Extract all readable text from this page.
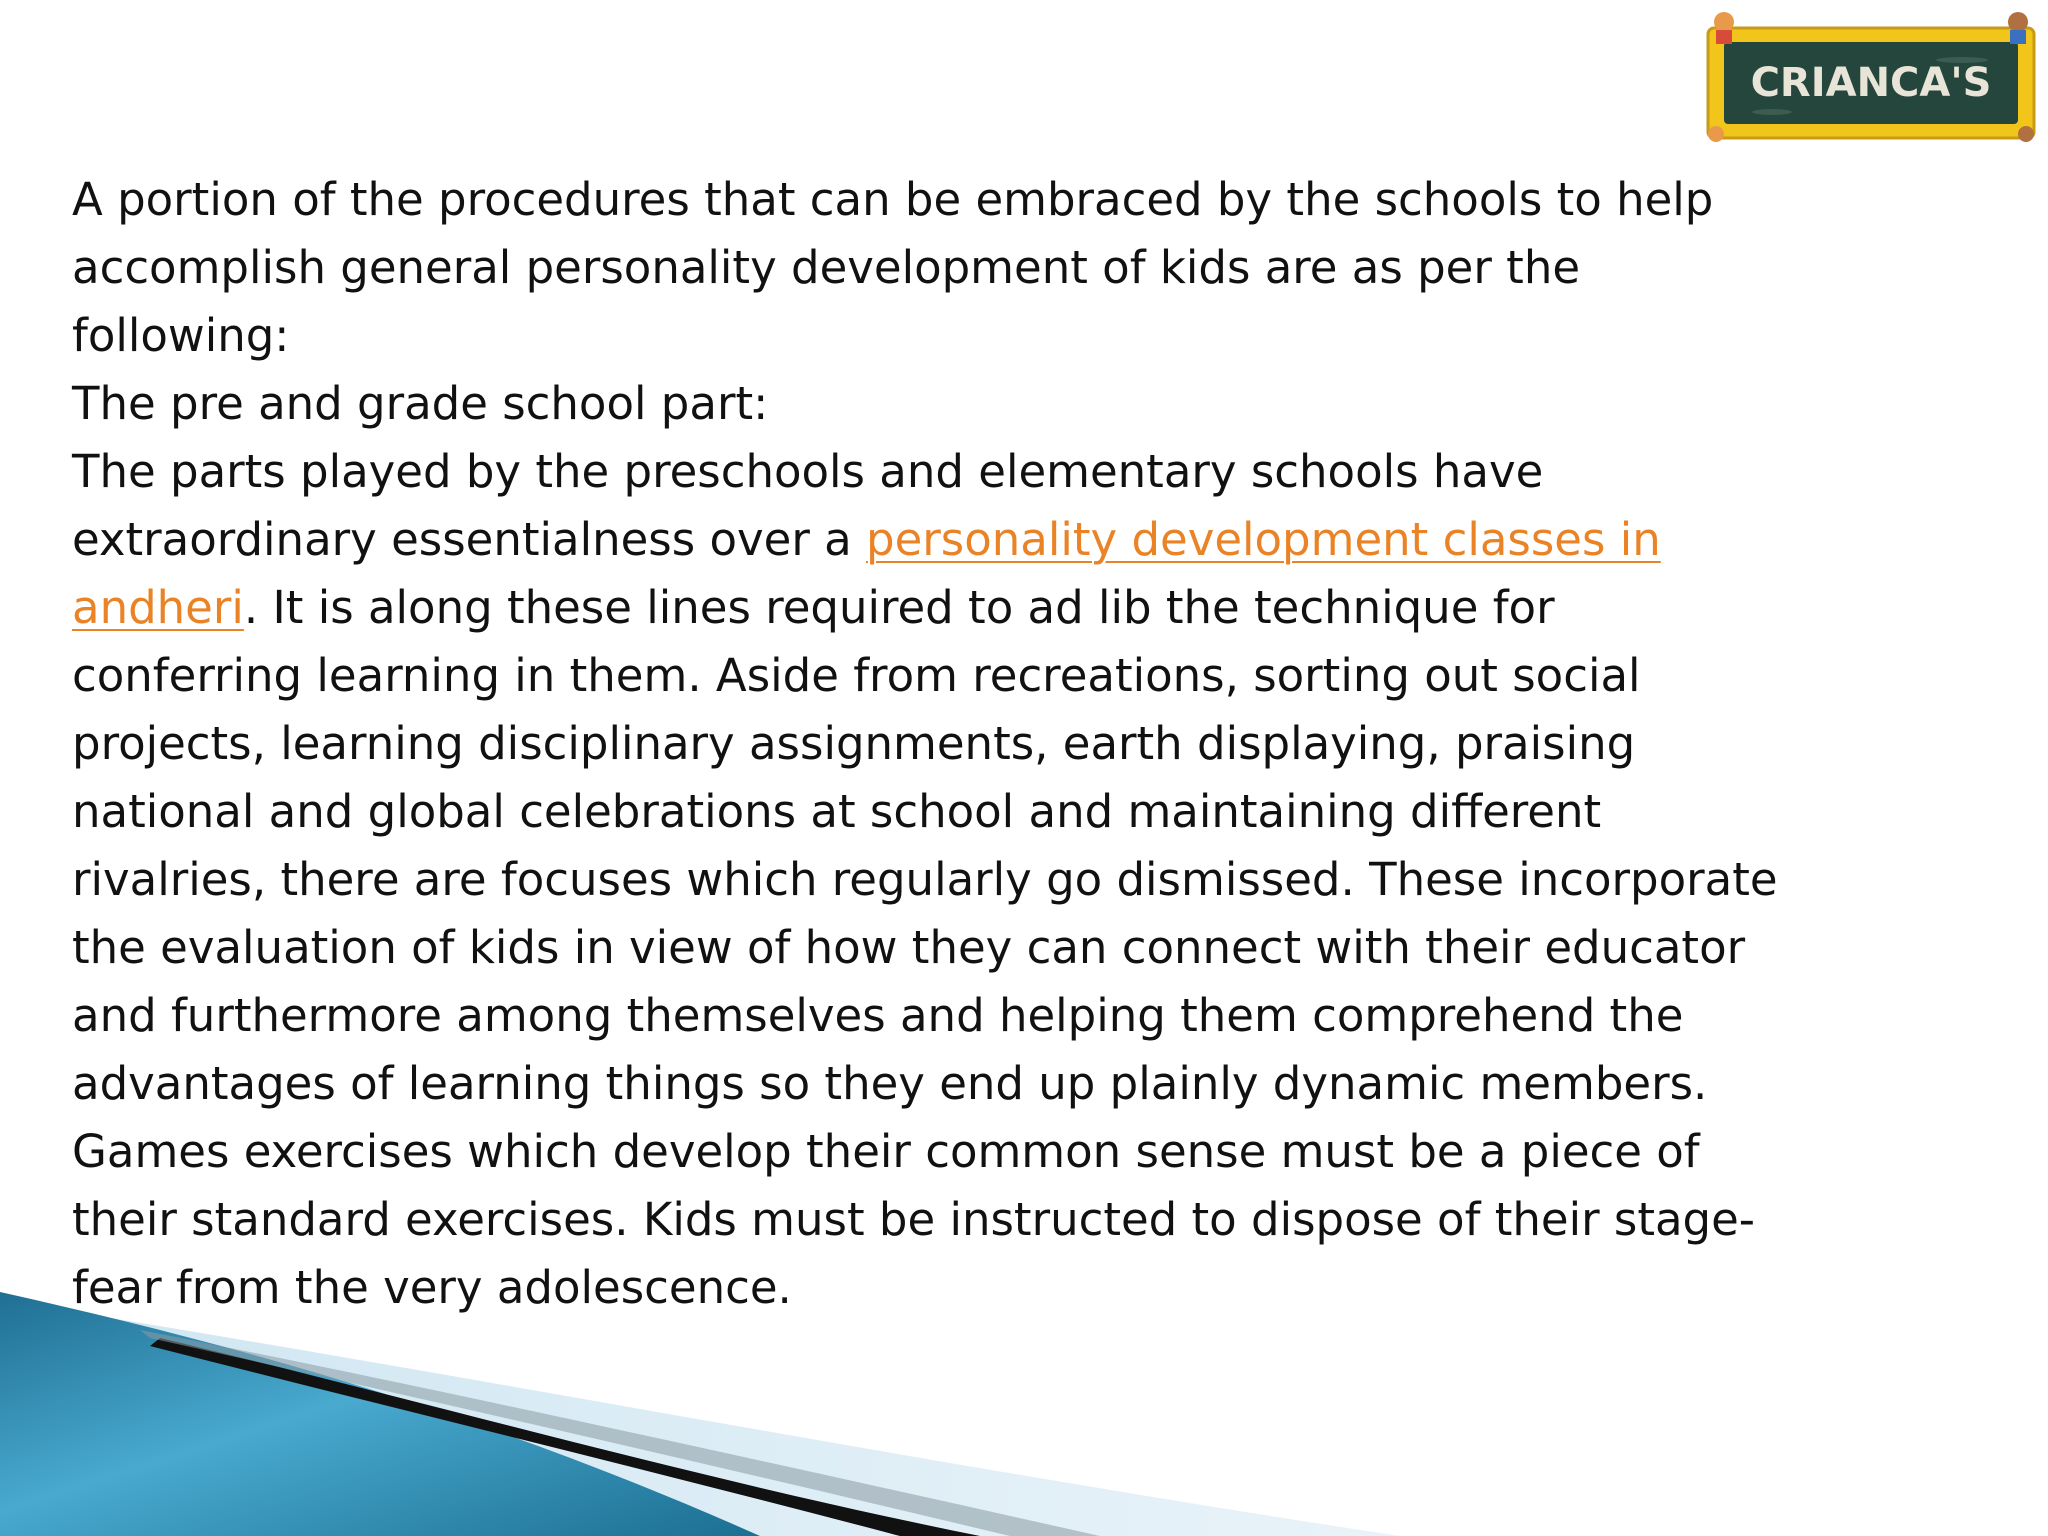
CRIANCA'S

A portion of the procedures that can be embraced by the schools to help accomplish general personality development of kids are as per the following:

The pre and grade school part:

The parts played by the preschools and elementary schools have extraordinary essentialness over a personality development classes in andheri. It is along these lines required to ad lib the technique for conferring learning in them. Aside from recreations, sorting out social projects, learning disciplinary assignments, earth displaying, praising national and global celebrations at school and maintaining different rivalries, there are focuses which regularly go dismissed. These incorporate the evaluation of kids in view of how they can connect with their educator and furthermore among themselves and helping them comprehend the advantages of learning things so they end up plainly dynamic members. Games exercises which develop their common sense must be a piece of their standard exercises. Kids must be instructed to dispose of their stage-fear from the very adolescence.
